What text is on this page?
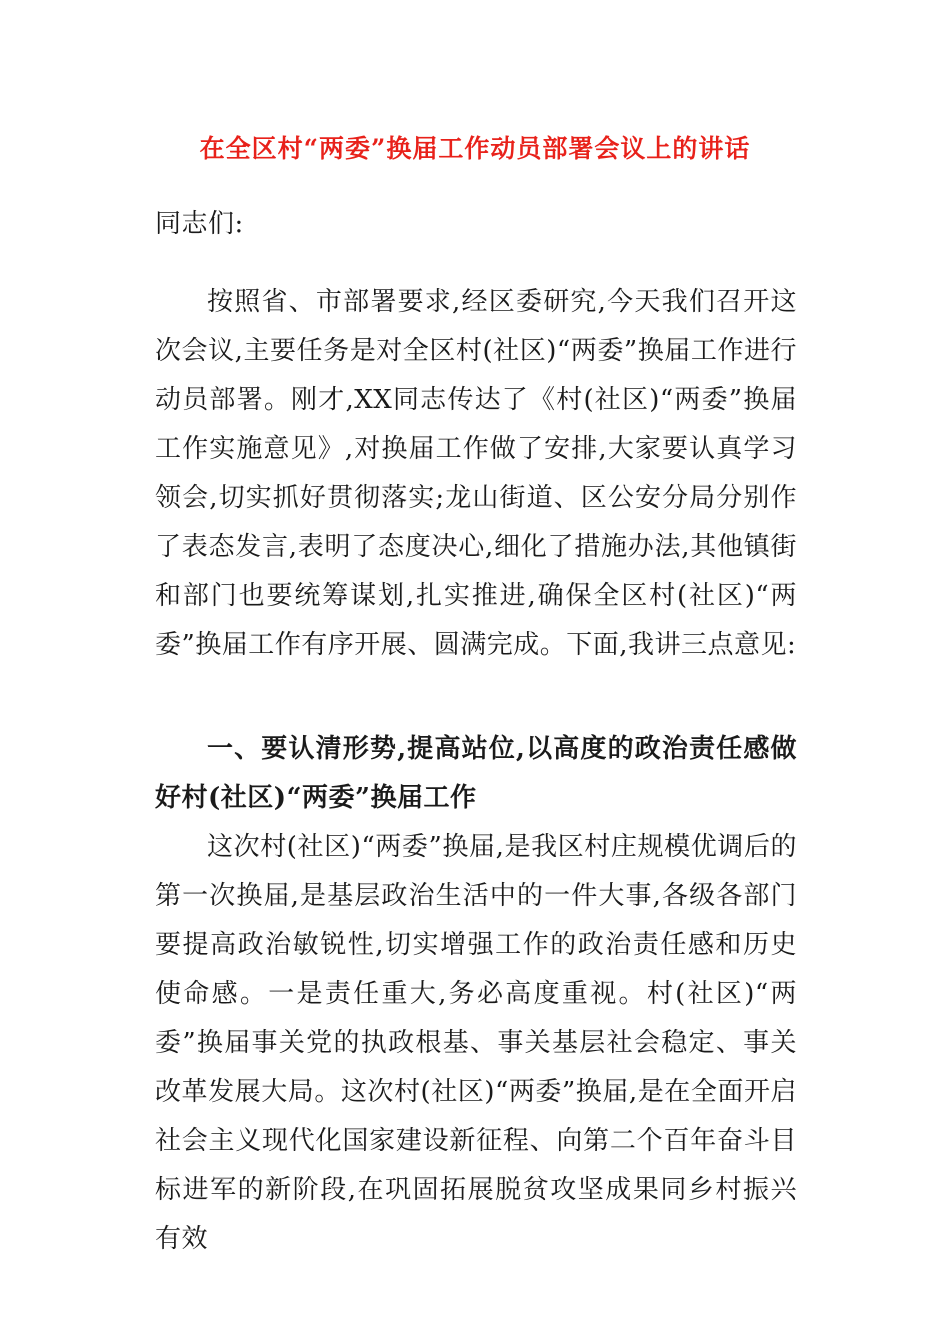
在全区村“两委”换届工作动员部署会议上的讲话

同志们:

按照省、市部署要求,经区委研究,今天我们召开这次会议,主要任务是对全区村(社区)“两委”换届工作进行动员部署。刚才,XX同志传达了《村(社区)“两委”换届工作实施意见》,对换届工作做了安排,大家要认真学习领会,切实抓好贯彻落实;龙山街道、区公安分局分别作了表态发言,表明了态度决心,细化了措施办法,其他镇街和部门也要统筹谋划,扎实推进,确保全区村(社区)“两委”换届工作有序开展、圆满完成。下面,我讲三点意见:

一、要认清形势,提高站位,以高度的政治责任感做好村(社区)“两委”换届工作

这次村(社区)“两委”换届,是我区村庄规模优调后的第一次换届,是基层政治生活中的一件大事,各级各部门要提高政治敏锐性,切实增强工作的政治责任感和历史使命感。一是责任重大,务必高度重视。村(社区)“两委”换届事关党的执政根基、事关基层社会稳定、事关改革发展大局。这次村(社区)“两委”换届,是在全面开启社会主义现代化国家建设新征程、向第二个百年奋斗目标进军的新阶段,在巩固拓展脱贫攻坚成果同乡村振兴有效
